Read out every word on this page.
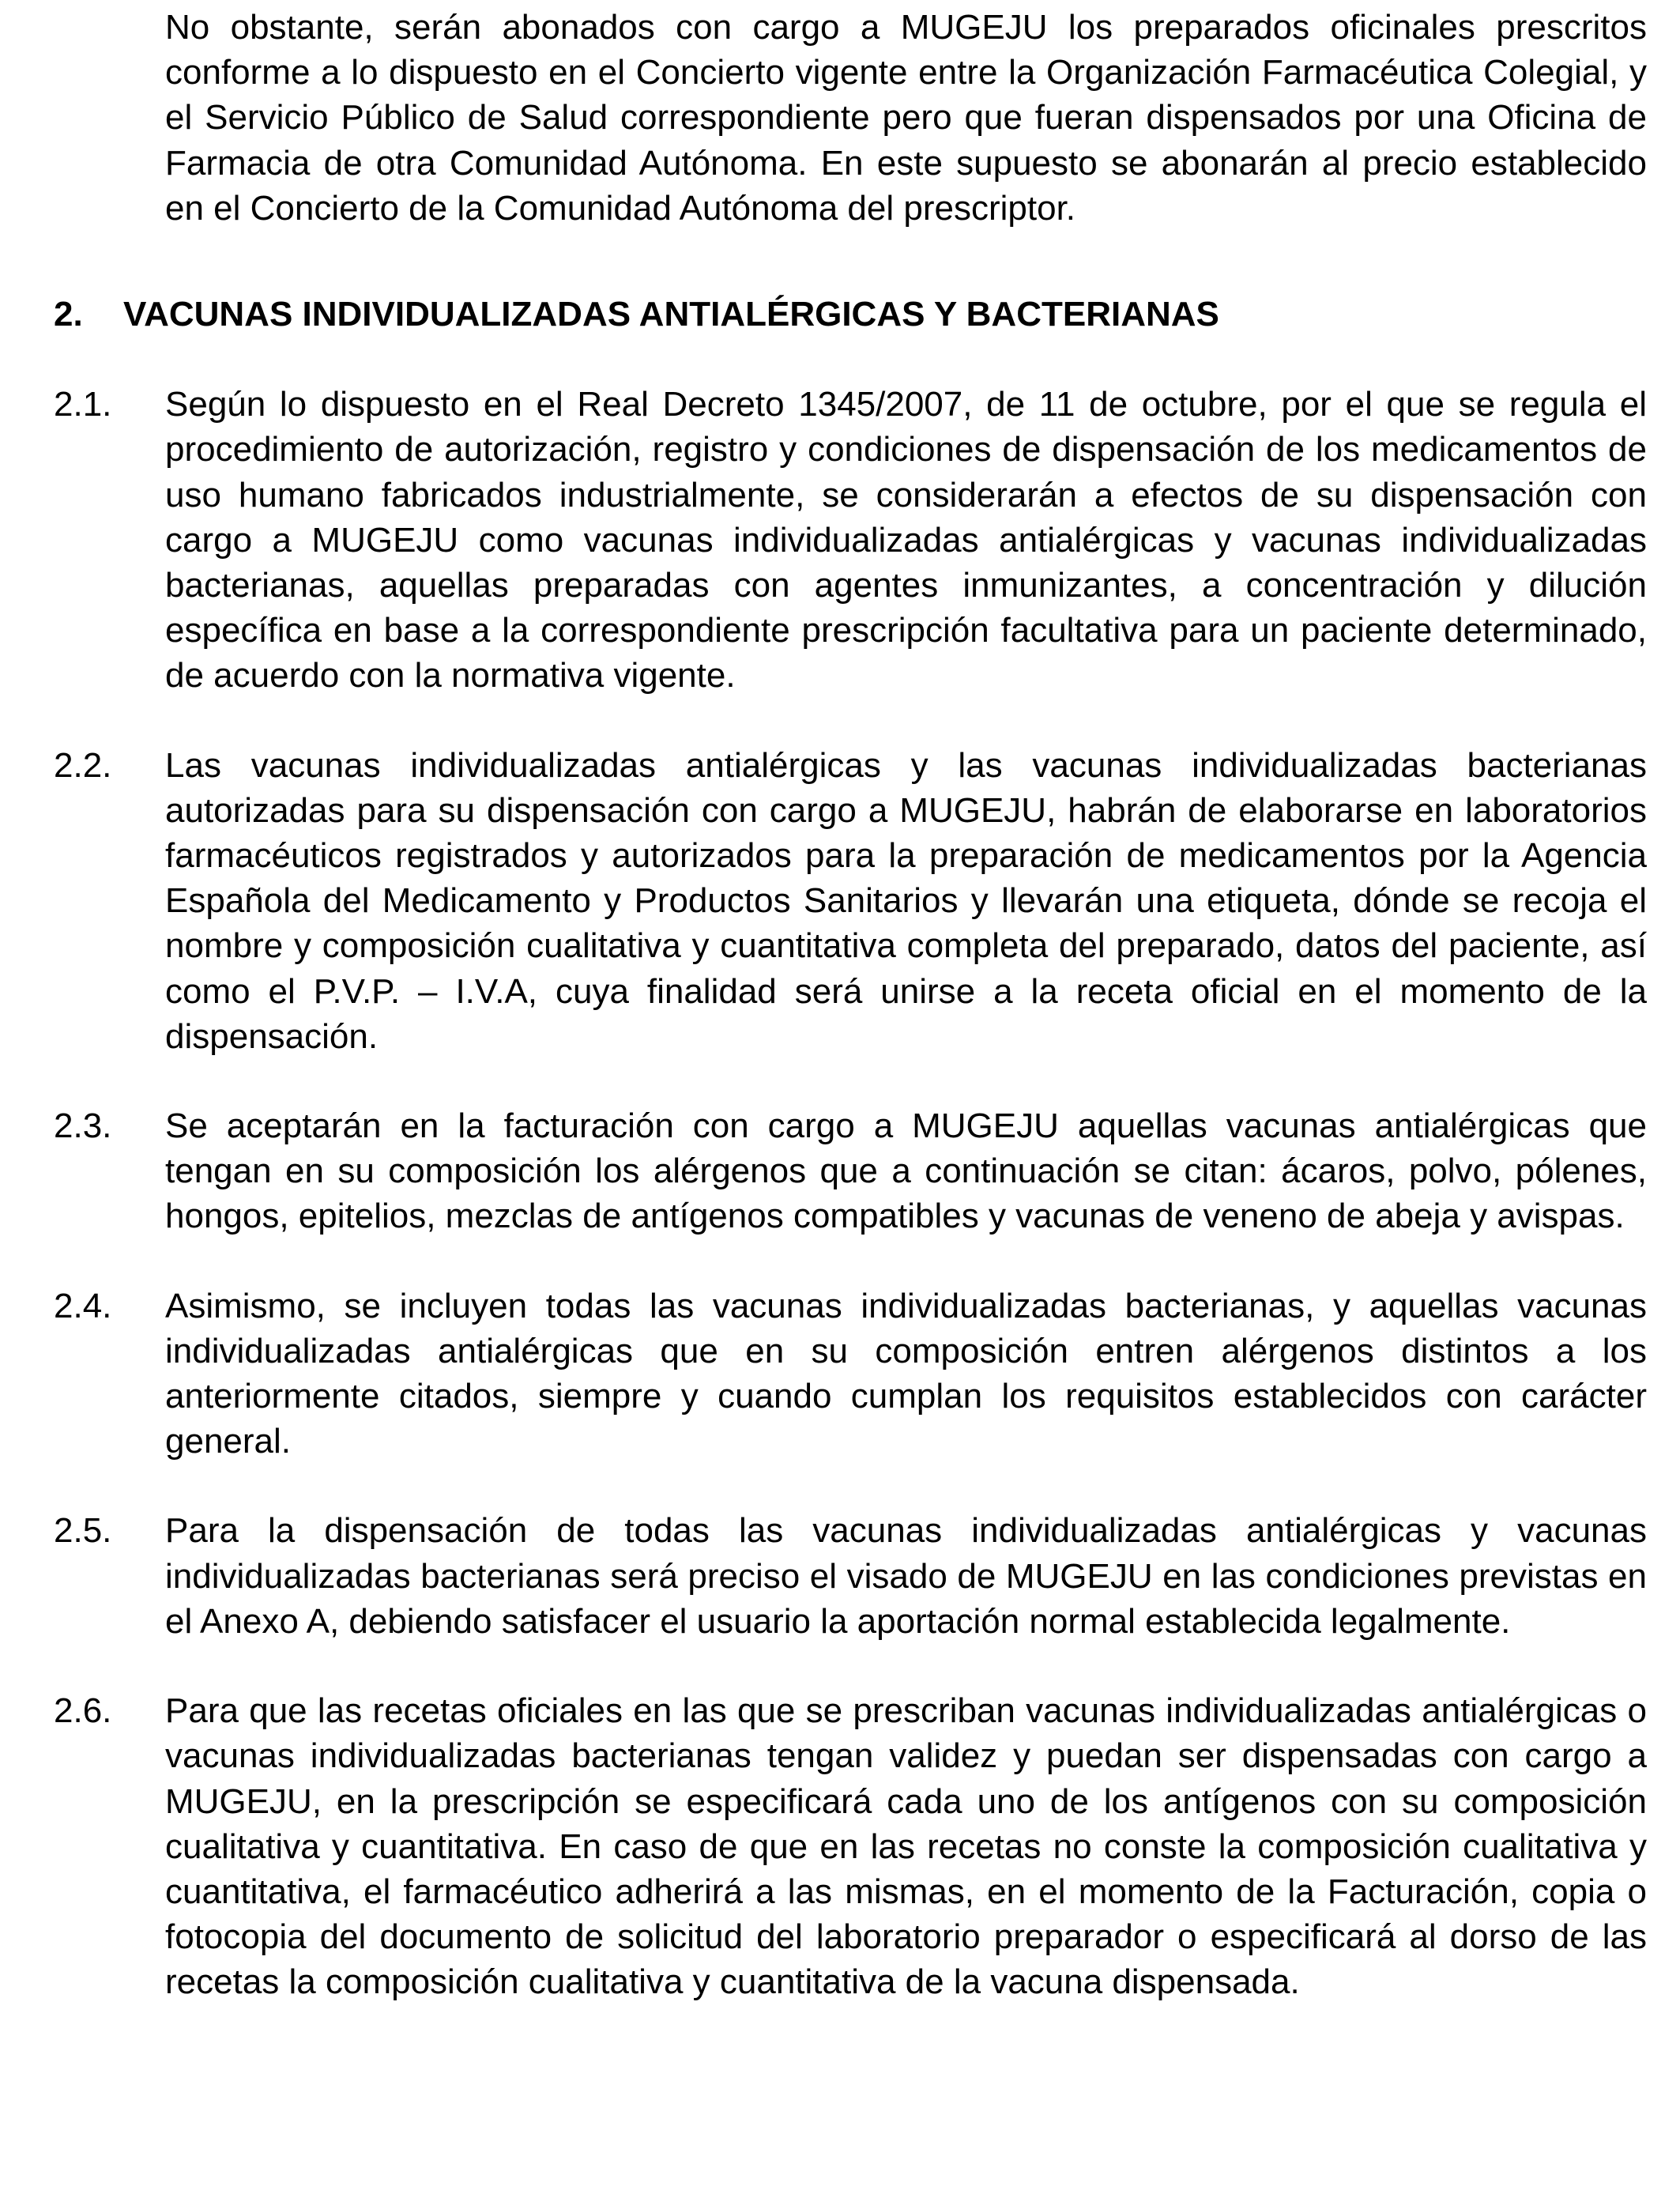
No obstante, serán abonados con cargo a MUGEJU los preparados oficinales prescritos conforme a lo dispuesto en el Concierto vigente entre la Organización Farmacéutica Colegial, y el Servicio Público de Salud correspondiente pero que fueran dispensados por una Oficina de Farmacia de otra Comunidad Autónoma. En este supuesto se abonarán al precio establecido en el Concierto de la Comunidad Autónoma del prescriptor.

2.	VACUNAS INDIVIDUALIZADAS ANTIALÉRGICAS Y BACTERIANAS
2.1.	Según lo dispuesto en el Real Decreto 1345/2007, de 11 de octubre, por el que se regula el procedimiento de autorización, registro y condiciones de dispensación de los medicamentos de uso humano fabricados industrialmente, se considerarán a efectos de su dispensación con cargo a MUGEJU como vacunas individualizadas antialérgicas y vacunas individualizadas bacterianas, aquellas preparadas con agentes inmunizantes, a concentración y dilución específica en base a la correspondiente prescripción facultativa para un paciente determinado, de acuerdo con la normativa vigente.

2.2.	Las vacunas individualizadas antialérgicas y las vacunas individualizadas bacterianas autorizadas para su dispensación con cargo a MUGEJU, habrán de elaborarse en laboratorios farmacéuticos registrados y autorizados para la preparación de medicamentos por la Agencia Española del Medicamento y Productos Sanitarios y llevarán una etiqueta, dónde se recoja el nombre y composición cualitativa y cuantitativa completa del preparado, datos del paciente, así como el P.V.P. – I.V.A, cuya finalidad será unirse a la receta oficial en el momento de la dispensación.

2.3.	Se aceptarán en la facturación con cargo a MUGEJU aquellas vacunas antialérgicas que tengan en su composición los alérgenos que a continuación se citan: ácaros, polvo, pólenes, hongos, epitelios, mezclas de antígenos compatibles y vacunas de veneno de abeja y avispas.

2.4.	Asimismo, se incluyen todas las vacunas individualizadas bacterianas, y aquellas vacunas individualizadas antialérgicas que en su composición entren alérgenos distintos a los anteriormente citados, siempre y cuando cumplan los requisitos establecidos con carácter general.

2.5.	Para la dispensación de todas las vacunas individualizadas antialérgicas y vacunas individualizadas bacterianas será preciso el visado de MUGEJU en las condiciones previstas en el Anexo A, debiendo satisfacer el usuario la aportación normal establecida legalmente.

2.6.	Para que las recetas oficiales en las que se prescriban vacunas individualizadas antialérgicas o vacunas individualizadas bacterianas tengan validez y puedan ser dispensadas con cargo a MUGEJU, en la prescripción se especificará cada uno de los antígenos con su composición cualitativa y cuantitativa. En caso de que en las recetas no conste la composición cualitativa y cuantitativa, el farmacéutico adherirá a las mismas, en el momento de la Facturación, copia o fotocopia del documento de solicitud del laboratorio preparador o especificará al dorso de las recetas la composición cualitativa y cuantitativa de la vacuna dispensada.
